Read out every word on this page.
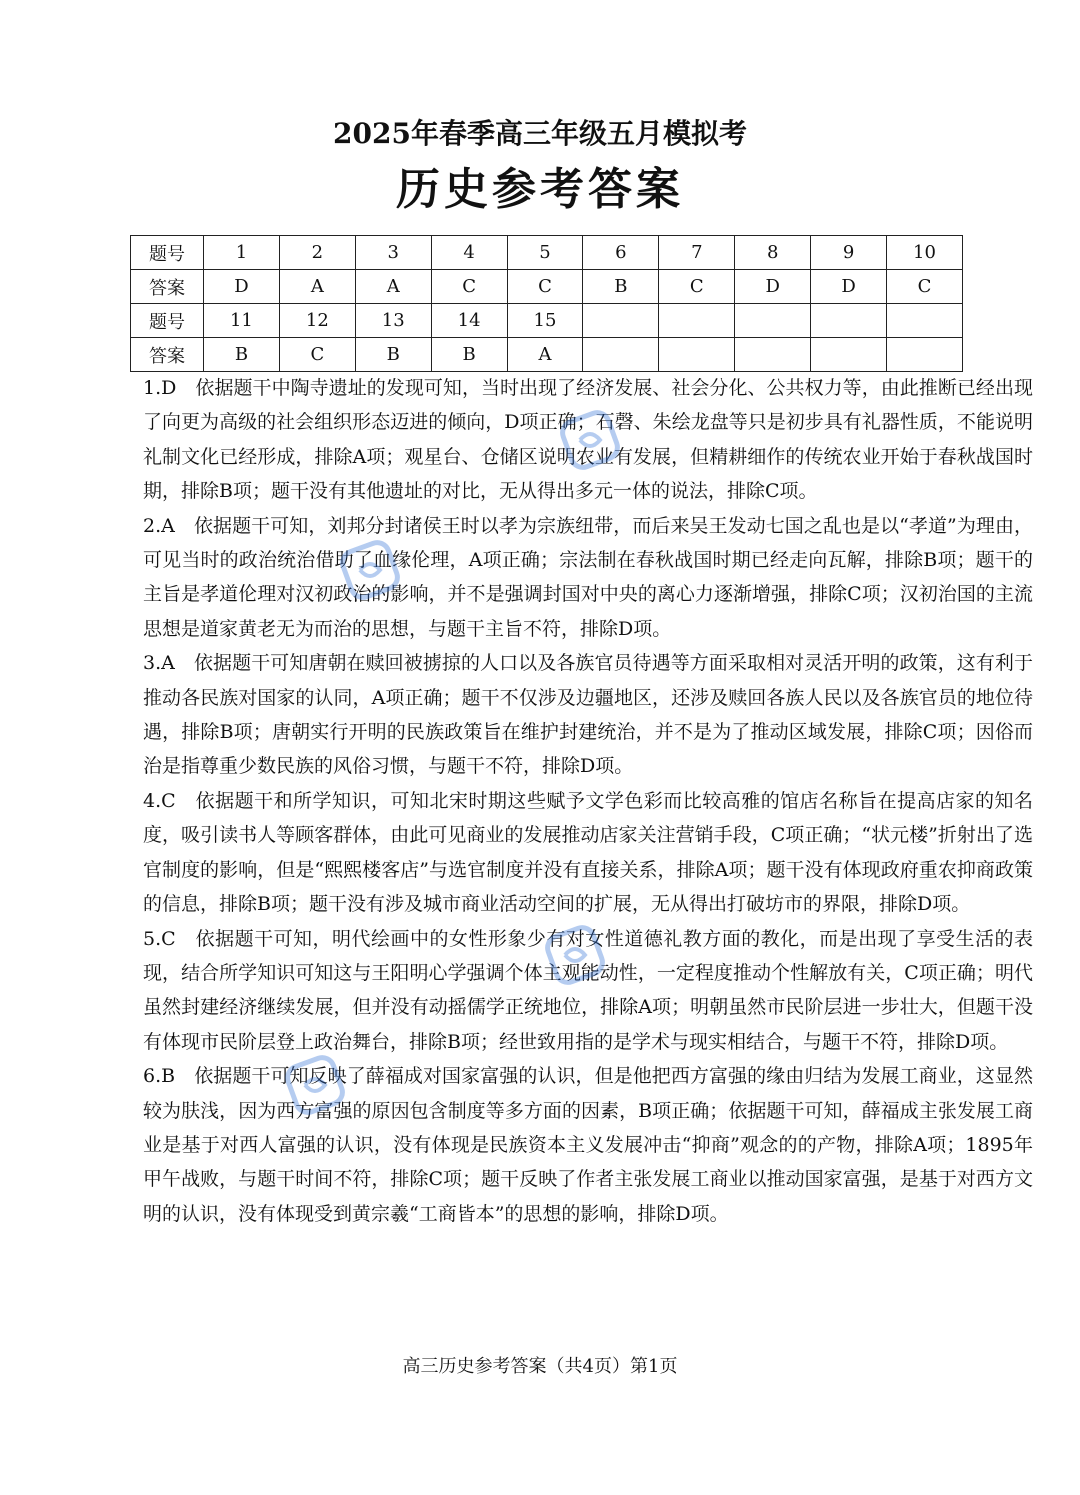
2025年春季高三年级五月模拟考
历史参考答案
题号	1	2	3	4	5	6	7	8	9	10
答案	D	A	A	C	C	B	C	D	D	C
题号	11	12	13	14	15					
答案	B	C	B	B	A					

1.D　依据题干中陶寺遗址的发现可知，当时出现了经济发展、社会分化、公共权力等，由此推断已经出现了向更为高级的社会组织形态迈进的倾向，D项正确；石磬、朱绘龙盘等只是初步具有礼器性质，不能说明礼制文化已经形成，排除A项；观星台、仓储区说明农业有发展，但精耕细作的传统农业开始于春秋战国时期，排除B项；题干没有其他遗址的对比，无从得出多元一体的说法，排除C项。

2.A　依据题干可知，刘邦分封诸侯王时以孝为宗族纽带，而后来吴王发动七国之乱也是以“孝道”为理由，可见当时的政治统治借助了血缘伦理，A项正确；宗法制在春秋战国时期已经走向瓦解，排除B项；题干的主旨是孝道伦理对汉初政治的影响，并不是强调封国对中央的离心力逐渐增强，排除C项；汉初治国的主流思想是道家黄老无为而治的思想，与题干主旨不符，排除D项。

3.A　依据题干可知唐朝在赎回被掳掠的人口以及各族官员待遇等方面采取相对灵活开明的政策，这有利于推动各民族对国家的认同，A项正确；题干不仅涉及边疆地区，还涉及赎回各族人民以及各族官员的地位待遇，排除B项；唐朝实行开明的民族政策旨在维护封建统治，并不是为了推动区域发展，排除C项；因俗而治是指尊重少数民族的风俗习惯，与题干不符，排除D项。

4.C　依据题干和所学知识，可知北宋时期这些赋予文学色彩而比较高雅的馆店名称旨在提高店家的知名度，吸引读书人等顾客群体，由此可见商业的发展推动店家关注营销手段，C项正确；“状元楼”折射出了选官制度的影响，但是“熙熙楼客店”与选官制度并没有直接关系，排除A项；题干没有体现政府重农抑商政策的信息，排除B项；题干没有涉及城市商业活动空间的扩展，无从得出打破坊市的界限，排除D项。

5.C　依据题干可知，明代绘画中的女性形象少有对女性道德礼教方面的教化，而是出现了享受生活的表现，结合所学知识可知这与王阳明心学强调个体主观能动性，一定程度推动个性解放有关，C项正确；明代虽然封建经济继续发展，但并没有动摇儒学正统地位，排除A项；明朝虽然市民阶层进一步壮大，但题干没有体现市民阶层登上政治舞台，排除B项；经世致用指的是学术与现实相结合，与题干不符，排除D项。

6.B　依据题干可知反映了薛福成对国家富强的认识，但是他把西方富强的缘由归结为发展工商业，这显然较为肤浅，因为西方富强的原因包含制度等多方面的因素，B项正确；依据题干可知，薛福成主张发展工商业是基于对西人富强的认识，没有体现是民族资本主义发展冲击“抑商”观念的的产物，排除A项；1895年甲午战败，与题干时间不符，排除C项；题干反映了作者主张发展工商业以推动国家富强，是基于对西方文明的认识，没有体现受到黄宗羲“工商皆本”的思想的影响，排除D项。

高三历史参考答案（共4页）第1页
